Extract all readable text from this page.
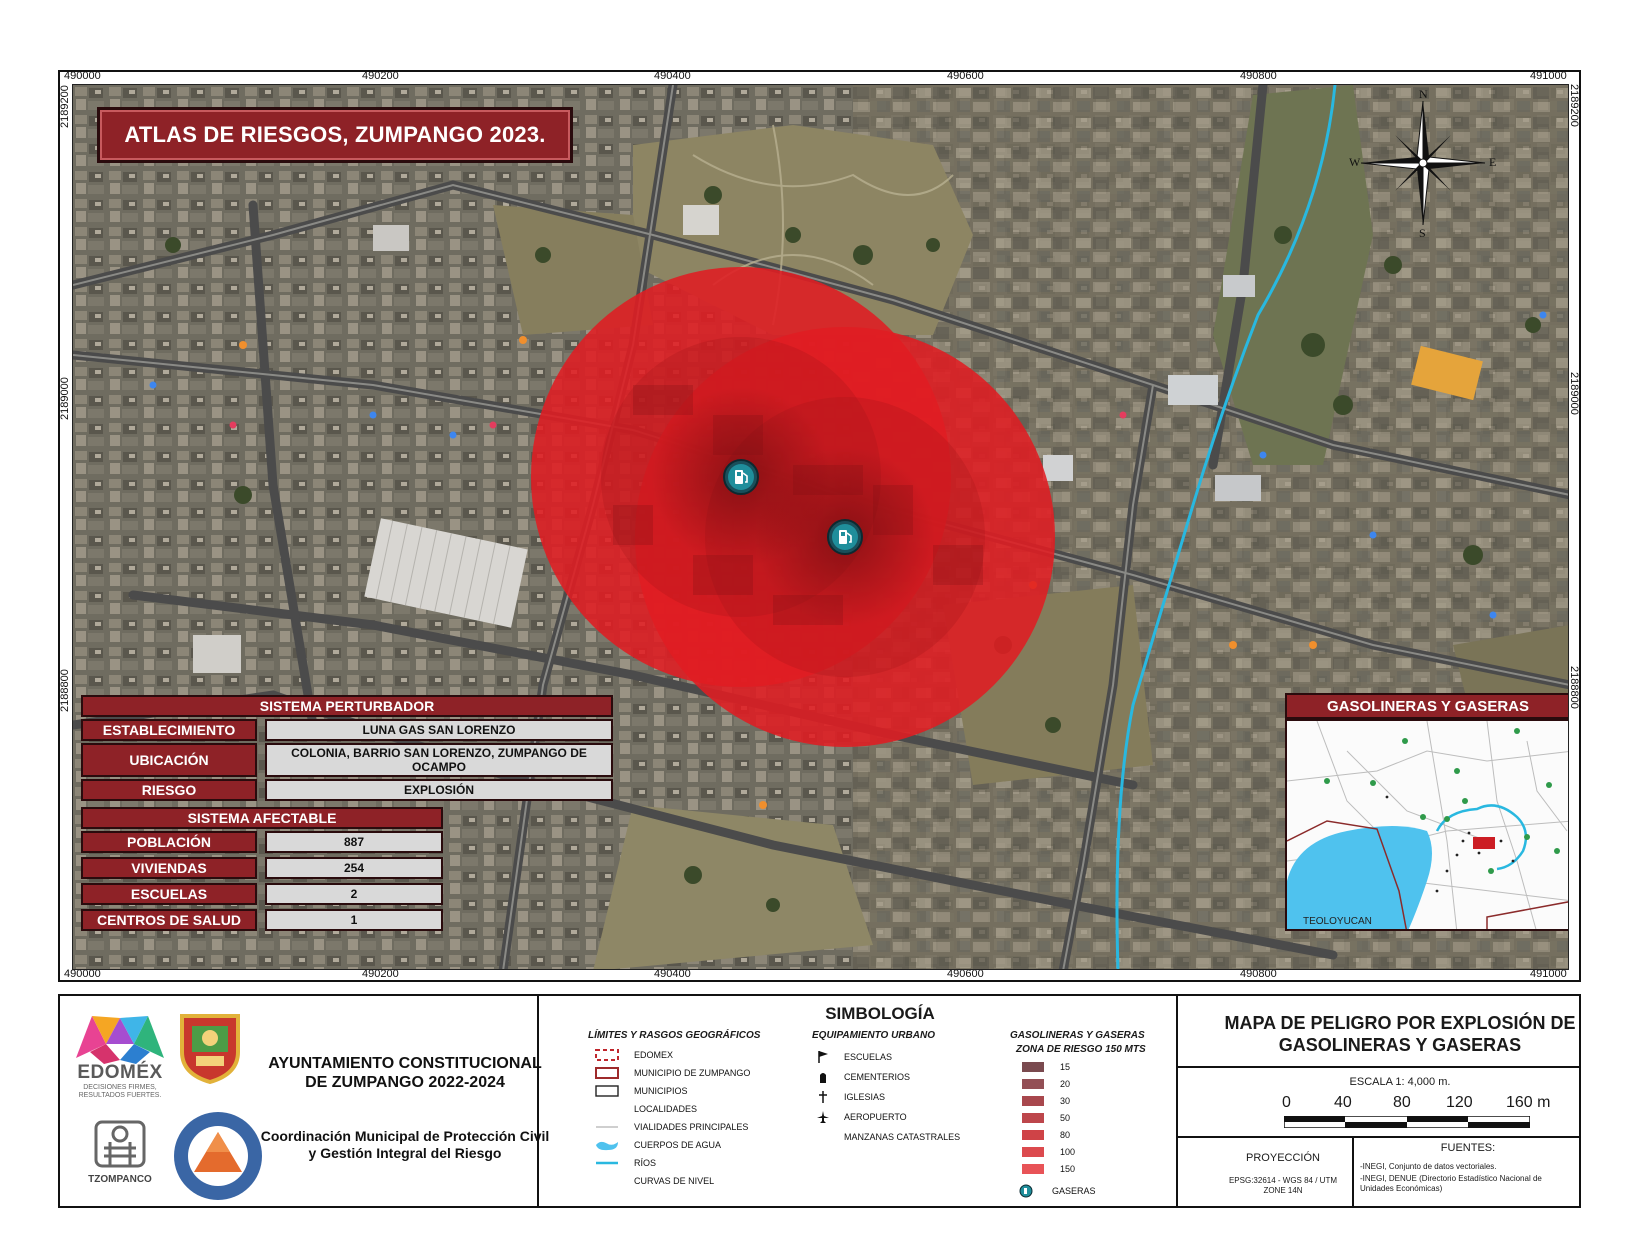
490000	490200	490400	490600	490800	491000
490000	490200	490400	490600	490800	491000
2189200
2189000
2188800
2189200
2189000
2188800
N
S
E
W
ATLAS DE RIESGOS, ZUMPANGO 2023.
SISTEMA PERTURBADOR
ESTABLECIMIENTO	LUNA GAS SAN LORENZO
UBICACIÓN	COLONIA, BARRIO SAN LORENZO, ZUMPANGO DE OCAMPO
RIESGO	EXPLOSIÓN
SISTEMA AFECTABLE
POBLACIÓN	887
VIVIENDAS	254
ESCUELAS	2
CENTROS DE SALUD	1
GASOLINERAS Y GASERAS
TEOLOYUCAN
EDOMÉX
DECISIONES FIRMES, RESULTADOS FUERTES.
TZOMPANCO
AYUNTAMIENTO CONSTITUCIONAL DE ZUMPANGO 2022-2024
Coordinación Municipal de Protección Civil y Gestión Integral del Riesgo
SIMBOLOGÍA
LÍMITES Y RASGOS GEOGRÁFICOS
EDOMEX
MUNICIPIO DE ZUMPANGO
MUNICIPIOS
LOCALIDADES
VIALIDADES PRINCIPALES
CUERPOS DE AGUA
RÍOS
CURVAS DE NIVEL
EQUIPAMIENTO URBANO
ESCUELAS
CEMENTERIOS
IGLESIAS
AEROPUERTO
MANZANAS CATASTRALES
GASOLINERAS Y GASERAS
ZONA DE RIESGO 150 MTS
15
20
30
50
80
100
150
GASERAS
MAPA DE PELIGRO POR EXPLOSIÓN DE GASOLINERAS Y GASERAS
ESCALA 1: 4,000 m.
0	40	80 120 160 m
PROYECCIÓN
EPSG:32614 - WGS 84 / UTM ZONE 14N
FUENTES:
-INEGI, Conjunto de datos vectoriales.
-INEGI, DENUE (Directorio Estadístico Nacional de Unidades Económicas)
